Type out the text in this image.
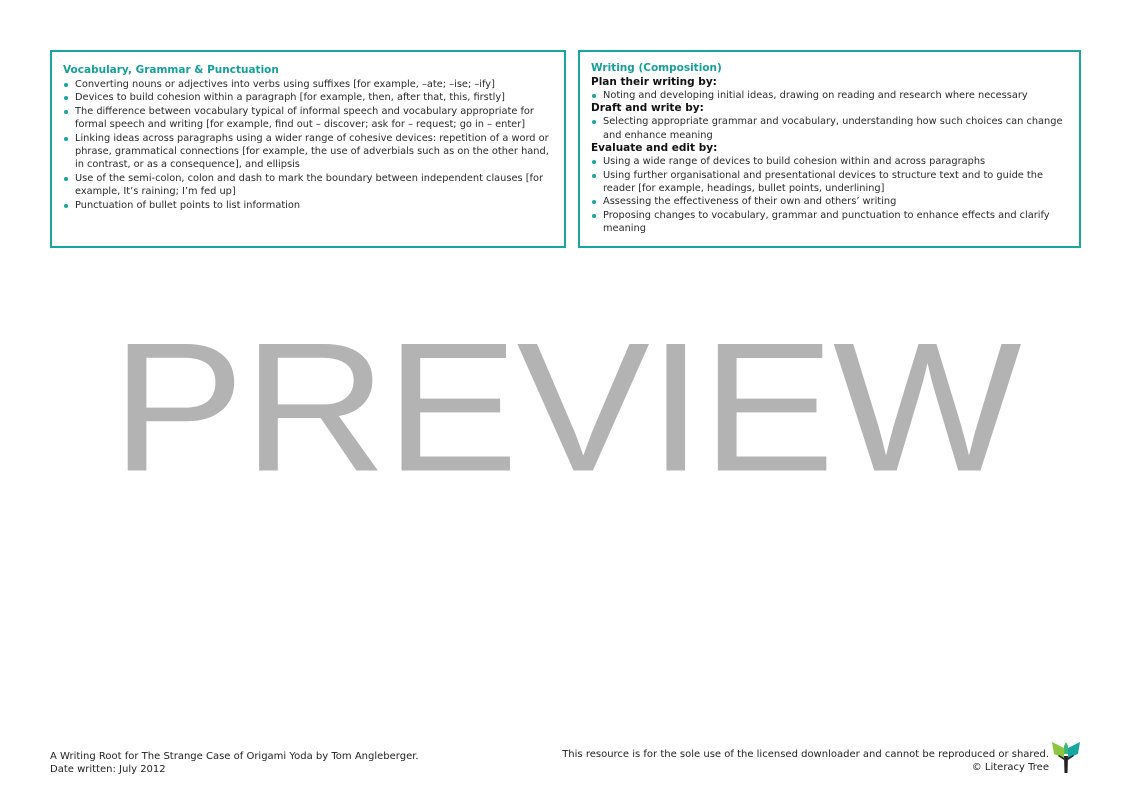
Vocabulary, Grammar & Punctuation
Converting nouns or adjectives into verbs using suffixes [for example, –ate; –ise; –ify]
Devices to build cohesion within a paragraph [for example, then, after that, this, firstly]
The difference between vocabulary typical of informal speech and vocabulary appropriate for formal speech and writing [for example, find out – discover; ask for – request; go in – enter]
Linking ideas across paragraphs using a wider range of cohesive devices: repetition of a word or phrase, grammatical connections [for example, the use of adverbials such as on the other hand, in contrast, or as a consequence], and ellipsis
Use of the semi-colon, colon and dash to mark the boundary between independent clauses [for example, It’s raining; I’m fed up]
Punctuation of bullet points to list information
Writing (Composition)
Plan their writing by:
Noting and developing initial ideas, drawing on reading and research where necessary
Draft and write by:
Selecting appropriate grammar and vocabulary, understanding how such choices can change and enhance meaning
Evaluate and edit by:
Using a wide range of devices to build cohesion within and across paragraphs
Using further organisational and presentational devices to structure text and to guide the reader [for example, headings, bullet points, underlining]
Assessing the effectiveness of their own and others’ writing
Proposing changes to vocabulary, grammar and punctuation to enhance effects and clarify meaning
PREVIEW
A Writing Root for The Strange Case of Origami Yoda by Tom Angleberger.
Date written: July 2012
This resource is for the sole use of the licensed downloader and cannot be reproduced or shared.
© Literacy Tree
